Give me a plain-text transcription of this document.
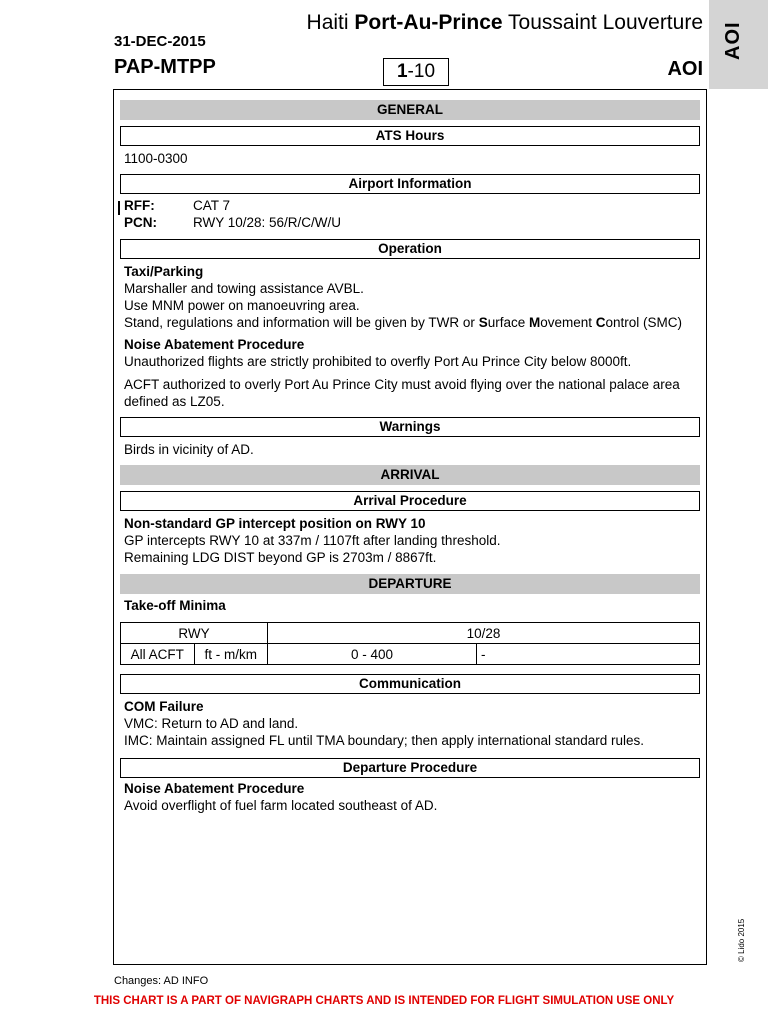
AOI
Haiti Port-Au-Prince Toussaint Louverture
31-DEC-2015
PAP-MTPP	1-10	AOI
GENERAL
ATS Hours
1100-0300
Airport Information
RFF:	CAT 7
PCN:	RWY 10/28: 56/R/C/W/U
Operation
Taxi/Parking
Marshaller and towing assistance AVBL.
Use MNM power on manoeuvring area.
Stand, regulations and information will be given by TWR or Surface Movement Control (SMC)
Noise Abatement Procedure
Unauthorized flights are strictly prohibited to overfly Port Au Prince City below 8000ft.
ACFT authorized to overly Port Au Prince City must avoid flying over the national palace area defined as LZ05.
Warnings
Birds in vicinity of AD.
ARRIVAL
Arrival Procedure
Non-standard GP intercept position on RWY 10
GP intercepts RWY 10 at 337m / 1107ft after landing threshold.
Remaining LDG DIST beyond GP is 2703m / 8867ft.
DEPARTURE
Take-off Minima
RWY		10/28	
All ACFT	ft - m/km	0 - 400	-
Communication
COM Failure
VMC: Return to AD and land.
IMC: Maintain assigned FL until TMA boundary; then apply international standard rules.
Departure Procedure
Noise Abatement Procedure
Avoid overflight of fuel farm located southeast of AD.
© Lido 2015
Changes: AD INFO
THIS CHART IS A PART OF NAVIGRAPH CHARTS AND IS INTENDED FOR FLIGHT SIMULATION USE ONLY
